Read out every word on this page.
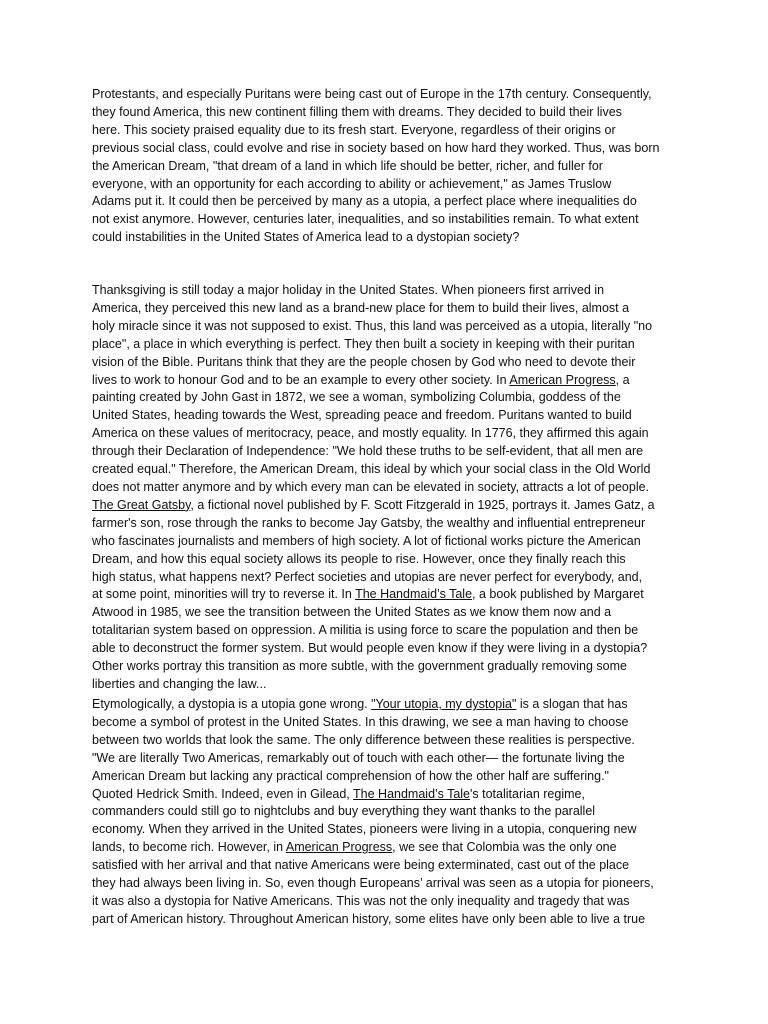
Protestants, and especially Puritans were being cast out of Europe in the 17th century. Consequently,
they found America, this new continent filling them with dreams. They decided to build their lives
here. This society praised equality due to its fresh start. Everyone, regardless of their origins or
previous social class, could evolve and rise in society based on how hard they worked. Thus, was born
the American Dream, "that dream of a land in which life should be better, richer, and fuller for
everyone, with an opportunity for each according to ability or achievement," as James Truslow
Adams put it. It could then be perceived by many as a utopia, a perfect place where inequalities do
not exist anymore. However, centuries later, inequalities, and so instabilities remain. To what extent
could instabilities in the United States of America lead to a dystopian society?

Thanksgiving is still today a major holiday in the United States. When pioneers first arrived in
America, they perceived this new land as a brand-new place for them to build their lives, almost a
holy miracle since it was not supposed to exist. Thus, this land was perceived as a utopia, literally "no
place", a place in which everything is perfect. They then built a society in keeping with their puritan
vision of the Bible. Puritans think that they are the people chosen by God who need to devote their
lives to work to honour God and to be an example to every other society. In American Progress, a
painting created by John Gast in 1872, we see a woman, symbolizing Columbia, goddess of the
United States, heading towards the West, spreading peace and freedom. Puritans wanted to build
America on these values of meritocracy, peace, and mostly equality. In 1776, they affirmed this again
through their Declaration of Independence: "We hold these truths to be self-evident, that all men are
created equal." Therefore, the American Dream, this ideal by which your social class in the Old World
does not matter anymore and by which every man can be elevated in society, attracts a lot of people.
The Great Gatsby, a fictional novel published by F. Scott Fitzgerald in 1925, portrays it. James Gatz, a
farmer's son, rose through the ranks to become Jay Gatsby, the wealthy and influential entrepreneur
who fascinates journalists and members of high society. A lot of fictional works picture the American
Dream, and how this equal society allows its people to rise. However, once they finally reach this
high status, what happens next? Perfect societies and utopias are never perfect for everybody, and,
at some point, minorities will try to reverse it. In The Handmaid’s Tale, a book published by Margaret
Atwood in 1985, we see the transition between the United States as we know them now and a
totalitarian system based on oppression. A militia is using force to scare the population and then be
able to deconstruct the former system. But would people even know if they were living in a dystopia?
Other works portray this transition as more subtle, with the government gradually removing some
liberties and changing the law...

Etymologically, a dystopia is a utopia gone wrong. "Your utopia, my dystopia" is a slogan that has
become a symbol of protest in the United States. In this drawing, we see a man having to choose
between two worlds that look the same. The only difference between these realities is perspective.
"We are literally Two Americas, remarkably out of touch with each other— the fortunate living the
American Dream but lacking any practical comprehension of how the other half are suffering."
Quoted Hedrick Smith. Indeed, even in Gilead, The Handmaid’s Tale's totalitarian regime,
commanders could still go to nightclubs and buy everything they want thanks to the parallel
economy. When they arrived in the United States, pioneers were living in a utopia, conquering new
lands, to become rich. However, in American Progress, we see that Colombia was the only one
satisfied with her arrival and that native Americans were being exterminated, cast out of the place
they had always been living in. So, even though Europeans’ arrival was seen as a utopia for pioneers,
it was also a dystopia for Native Americans. This was not the only inequality and tragedy that was
part of American history. Throughout American history, some elites have only been able to live a true
